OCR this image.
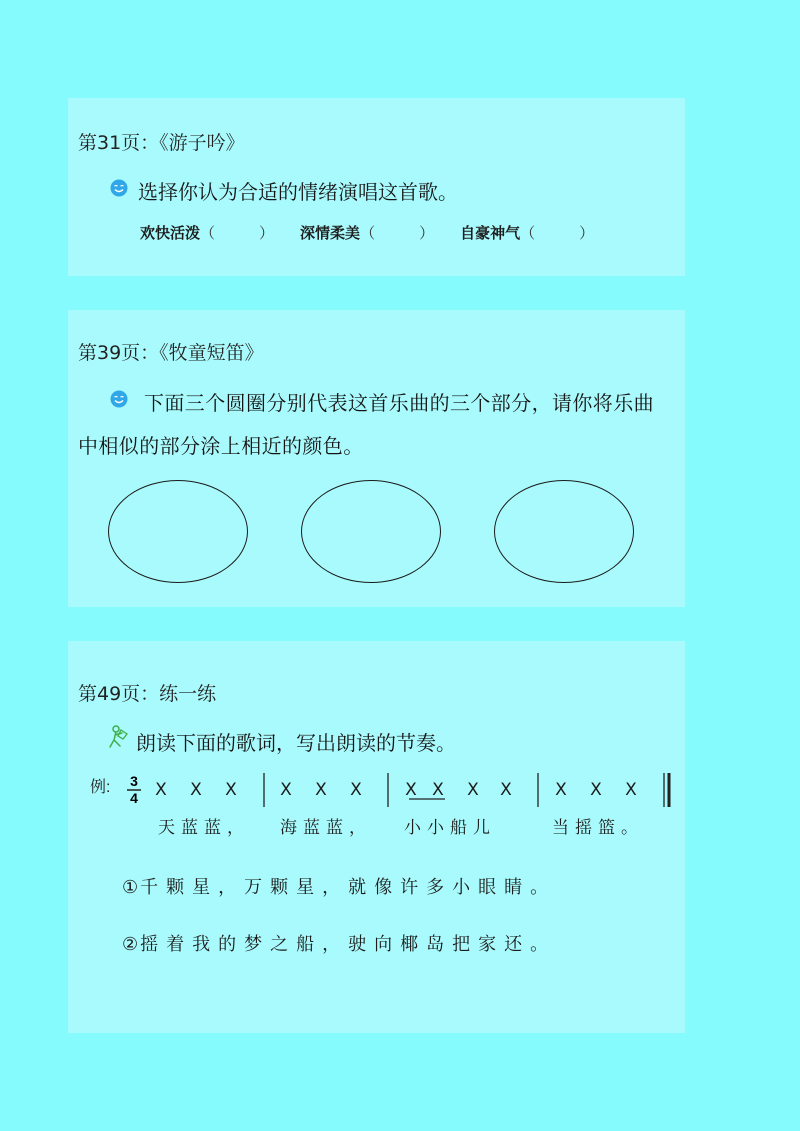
第31页：《游子吟》
选择你认为合适的情绪演唱这首歌。
欢快活泼（	） 深情柔美（	） 自豪神气（	）
第39页：《牧童短笛》
下面三个圆圈分别代表这首乐曲的三个部分，请你将乐曲
中相似的部分涂上相近的颜色。
第49页：练一练
朗读下面的歌词，写出朗读的节奏。
例: 3
4 X X X	X X X	X X X X	X X X
天蓝蓝， 海蓝蓝， 小小船儿	当摇篮。
① 千颗星，万颗星，就像许多小眼睛。
② 摇着我的梦之船，驶向椰岛把家还。
